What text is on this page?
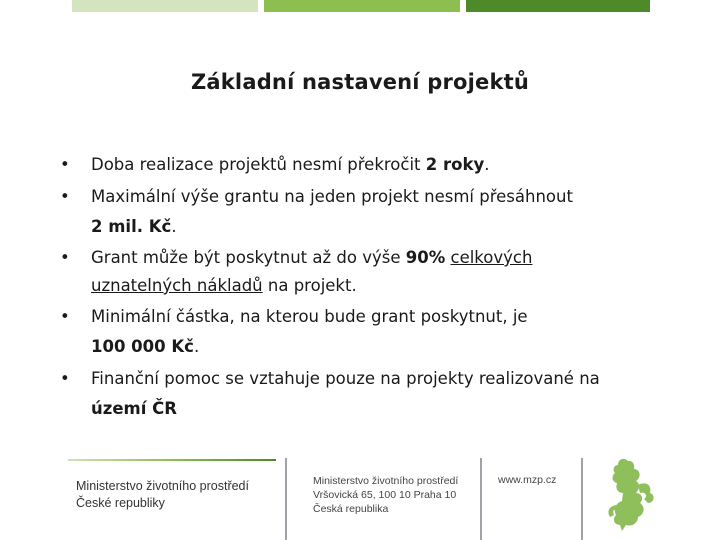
Základní nastavení projektů
• Doba realizace projektů nesmí překročit 2 roky.
• Maximální výše grantu na jeden projekt nesmí přesáhnout
2 mil. Kč.
• Grant může být poskytnut až do výše 90% celkových
uznatelných nákladů na projekt.
• Minimální částka, na kterou bude grant poskytnut, je
100 000 Kč.
• Finanční pomoc se vztahuje pouze na projekty realizované na
území ČR
Ministerstvo životního prostředí
České republiky
Ministerstvo životního prostředí
Vršovická 65, 100 10 Praha 10
Česká republika
www.mzp.cz
